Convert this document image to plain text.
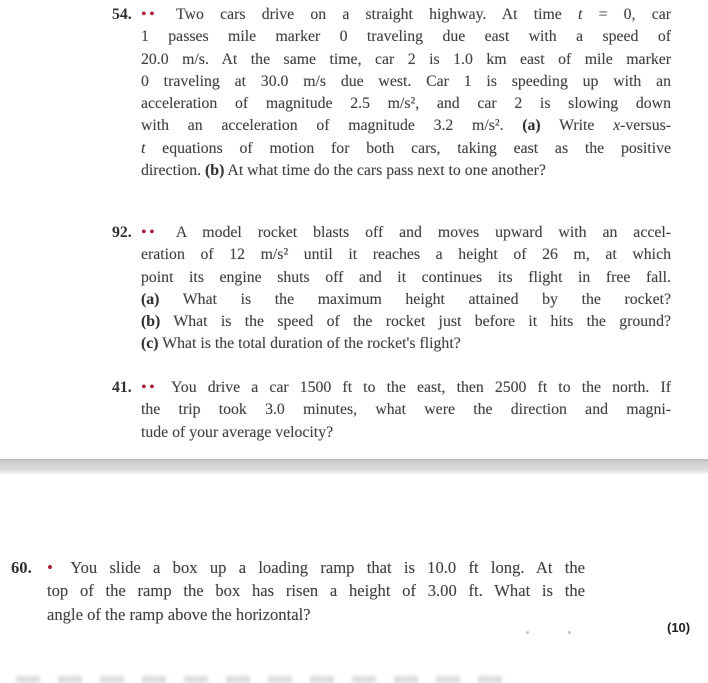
54. •• Two cars drive on a straight highway. At time t = 0, car
1 passes mile marker 0 traveling due east with a speed of
20.0 m/s. At the same time, car 2 is 1.0 km east of mile marker
0 traveling at 30.0 m/s due west. Car 1 is speeding up with an
acceleration of magnitude 2.5 m/s², and car 2 is slowing down
with an acceleration of magnitude 3.2 m/s². (a) Write x-versus-
t equations of motion for both cars, taking east as the positive
direction. (b) At what time do the cars pass next to one another?
92. •• A model rocket blasts off and moves upward with an accel-
eration of 12 m/s² until it reaches a height of 26 m, at which
point its engine shuts off and it continues its flight in free fall.
(a) What is the maximum height attained by the rocket?
(b) What is the speed of the rocket just before it hits the ground?
(c) What is the total duration of the rocket's flight?
41. •• You drive a car 1500 ft to the east, then 2500 ft to the north. If
the trip took 3.0 minutes, what were the direction and magni-
tude of your average velocity?
60. • You slide a box up a loading ramp that is 10.0 ft long. At the
top of the ramp the box has risen a height of 3.00 ft. What is the
angle of the ramp above the horizontal?
(10)
